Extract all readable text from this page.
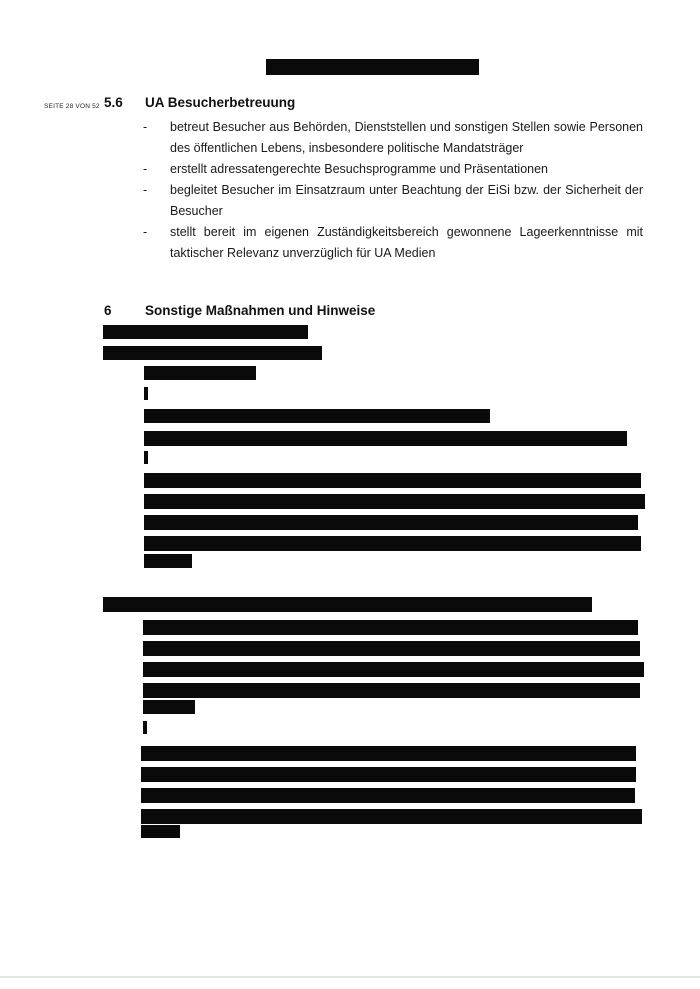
SEITE 28 VON 52 5.6 UA Besucherbetreuung
- betreut Besucher aus Behörden, Dienststellen und sonstigen Stellen sowie Personen des öffentlichen Lebens, insbesondere politische Mandatsträger
- erstellt adressatengerechte Besuchsprogramme und Präsentationen
- begleitet Besucher im Einsatzraum unter Beachtung der EiSi bzw. der Sicherheit der Besucher
- stellt bereit im eigenen Zuständigkeitsbereich gewonnene Lageerkenntnisse mit taktischer Relevanz unverzüglich für UA Medien
6 Sonstige Maßnahmen und Hinweise
